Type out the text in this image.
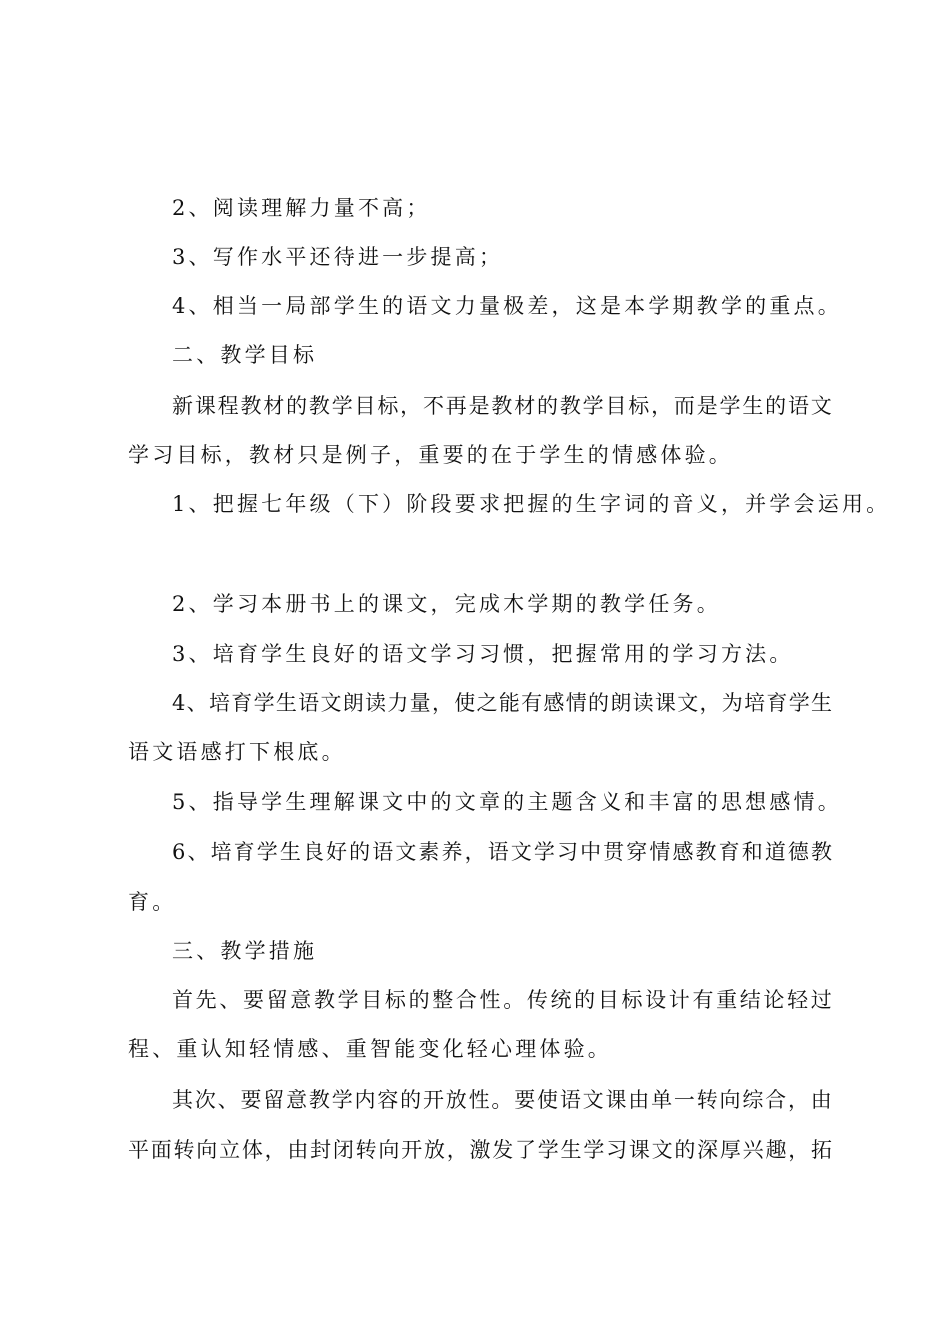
2、阅读理解力量不高；
3、写作水平还待进一步提高；
4、相当一局部学生的语文力量极差，这是本学期教学的重点。
二、教学目标
新 课 程 教 材 的 教 学 目 标 ， 不 再 是 教 材 的 教 学 目 标 ， 而 是 学 生 的 语 文
学习目标，教材只是例子，重要的在于学生的情感体验。
1、把握七年级（下）阶段要求把握的生字词的音义，并学会运用。
2、学习本册书上的课文，完成木学期的教学任务。
3、培育学生良好的语文学习习惯，把握常用的学习方法。
4 、 培 育 学 生 语 文 朗 读 力 量 ， 使 之 能 有 感 情 的 朗 读 课 文 ， 为 培 育 学 生
语文语感打下根底。
5、指导学生理解课文中的文章的主题含义和丰富的思想感情。
6 、 培 育 学 生 良 好 的 语 文 素 养 ， 语 文 学 习 中 贯 穿 情 感 教 育 和 道 德 教
育。
三、教学措施
首 先 、 要 留 意 教 学 目 标 的 整 合 性 。 传 统 的 目 标 设 计 有 重 结 论 轻 过
程、重认知轻情感、重智能变化轻心理体验。
其 次 、 要 留 意 教 学 内 容 的 开 放 性 。 要 使 语 文 课 由 单 一 转 向 综 合 ， 由
平 面 转 向 立 体 ， 由 封 闭 转 向 开 放 ， 激 发 了 学 生 学 习 课 文 的 深 厚 兴 趣 ， 拓
